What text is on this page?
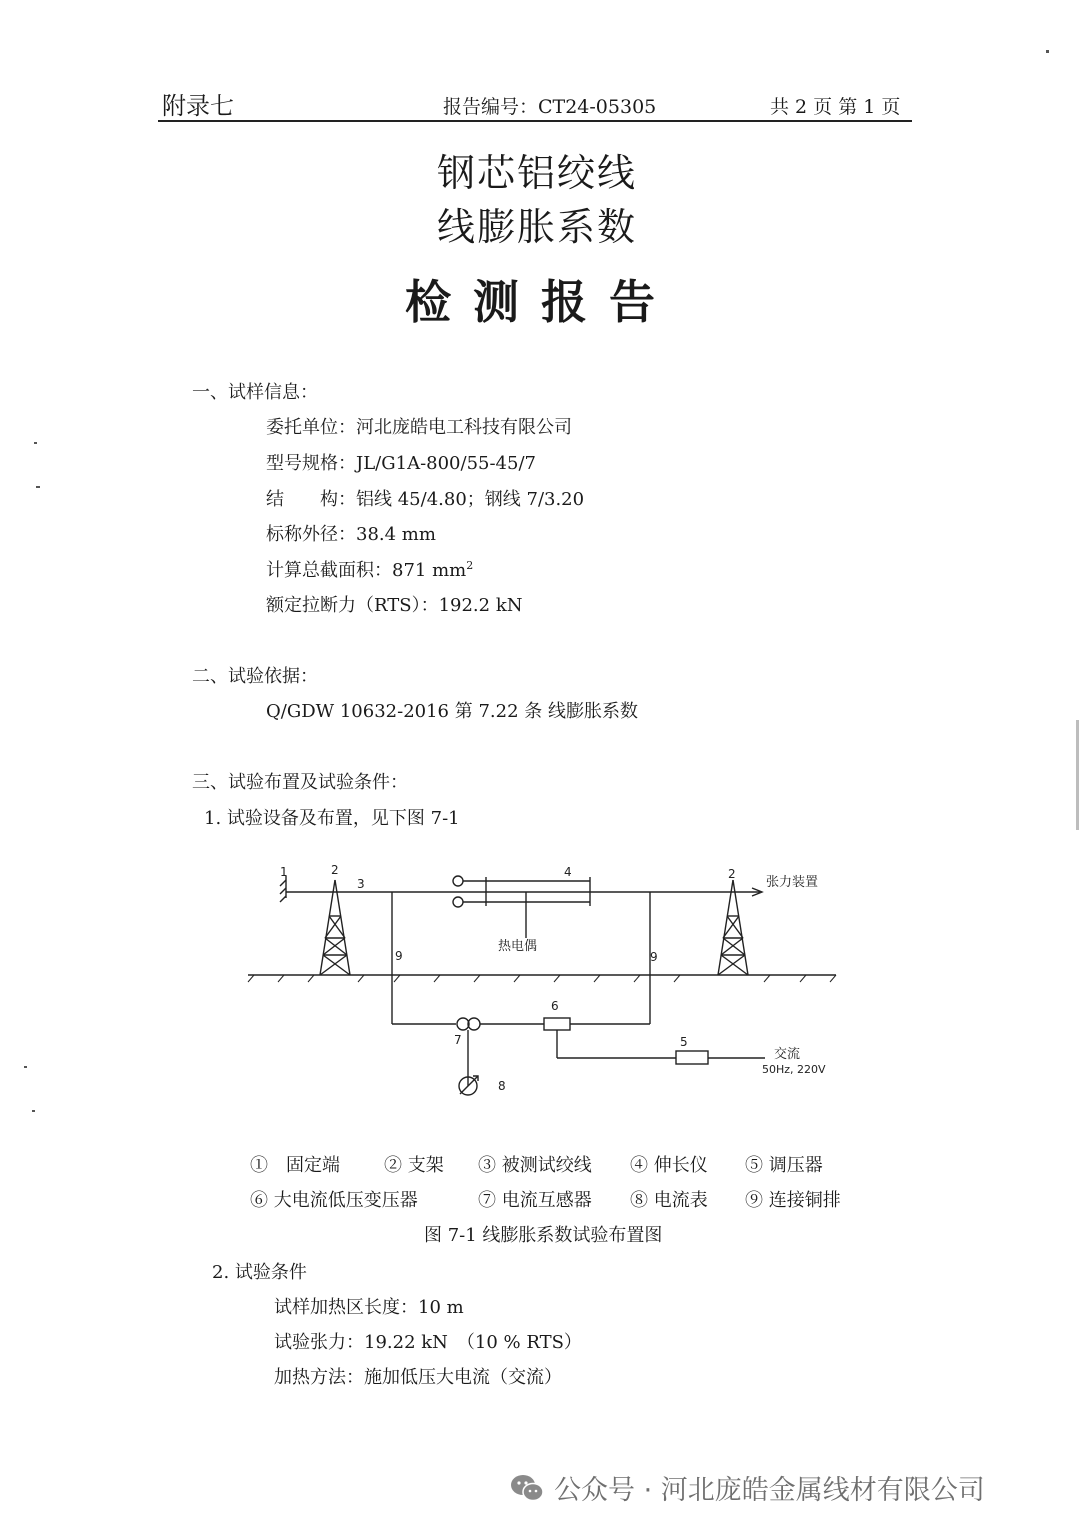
附录七	报告编号：CT24-05305	共 2 页 第 1 页
钢芯铝绞线
线膨胀系数
检测报告
一、试样信息：
委托单位：河北庞皓电工科技有限公司
型号规格：JL/G1A-800/55-45/7
结　　构：铝线 45/4.80；钢线 7/3.20
标称外径：38.4 mm
计算总截面积：871 $mm^2$
额定拉断力（RTS）：192.2 kN
二、试验依据：
Q/GDW 10632-2016 第 7.22 条 线膨胀系数
三、试验布置及试验条件：
1. 试验设备及布置，见下图 7-1
1	2
3
4	2
张力装置
热电偶
9	9
6
7	5
8
交流
50Hz, 220V
①　 固定端 ② 支架 ③ 被测试绞线 ④ 伸长仪 ⑤ 调压器
⑥ 大电流低压变压器	⑦ 电流互感器 ⑧ 电流表 ⑨ 连接铜排
图 7-1 线膨胀系数试验布置图
2. 试验条件
试样加热区长度：10 m
试验张力：19.22 kN　（10 % RTS）
加热方法：施加低压大电流（交流）
公众号 · 河北庞皓金属线材有限公司
